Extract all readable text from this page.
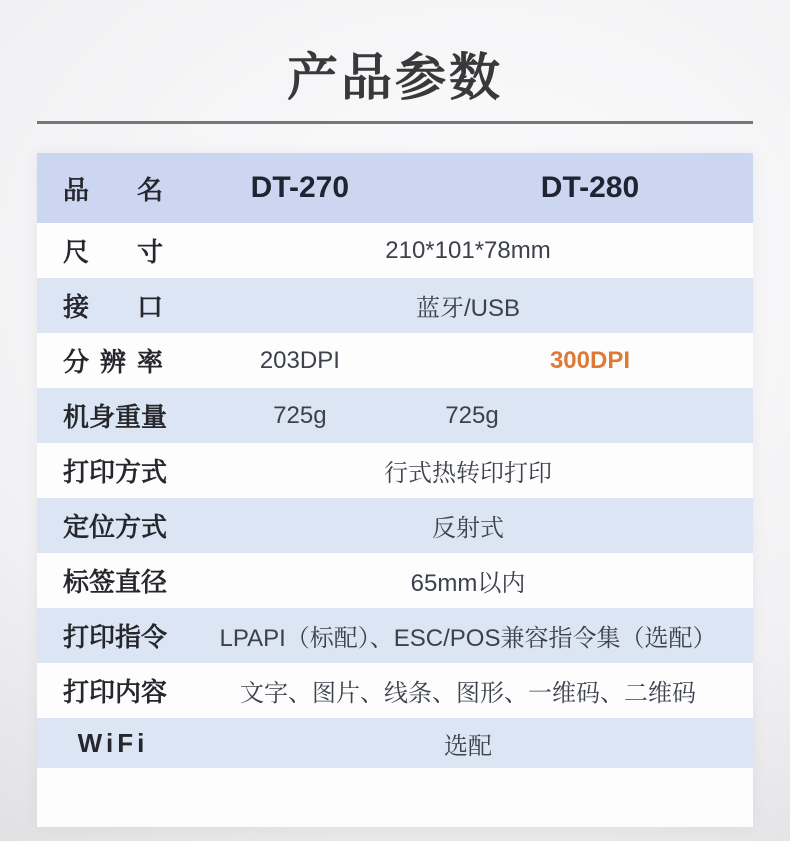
产品参数
品 名	DT-270	DT-280
尺 寸	210*101*78mm
接 口	蓝牙/USB
分 辨 率	203DPI	300DPI
机身重量	725g	725g
打印方式	行式热转印打印
定位方式	反射式
标签直径	65mm以内
打印指令 LPAPI（标配）、ESC/POS兼容指令集（选配）
打印内容	文字、图片、线条、图形、一维码、二维码
WiFi	选配
